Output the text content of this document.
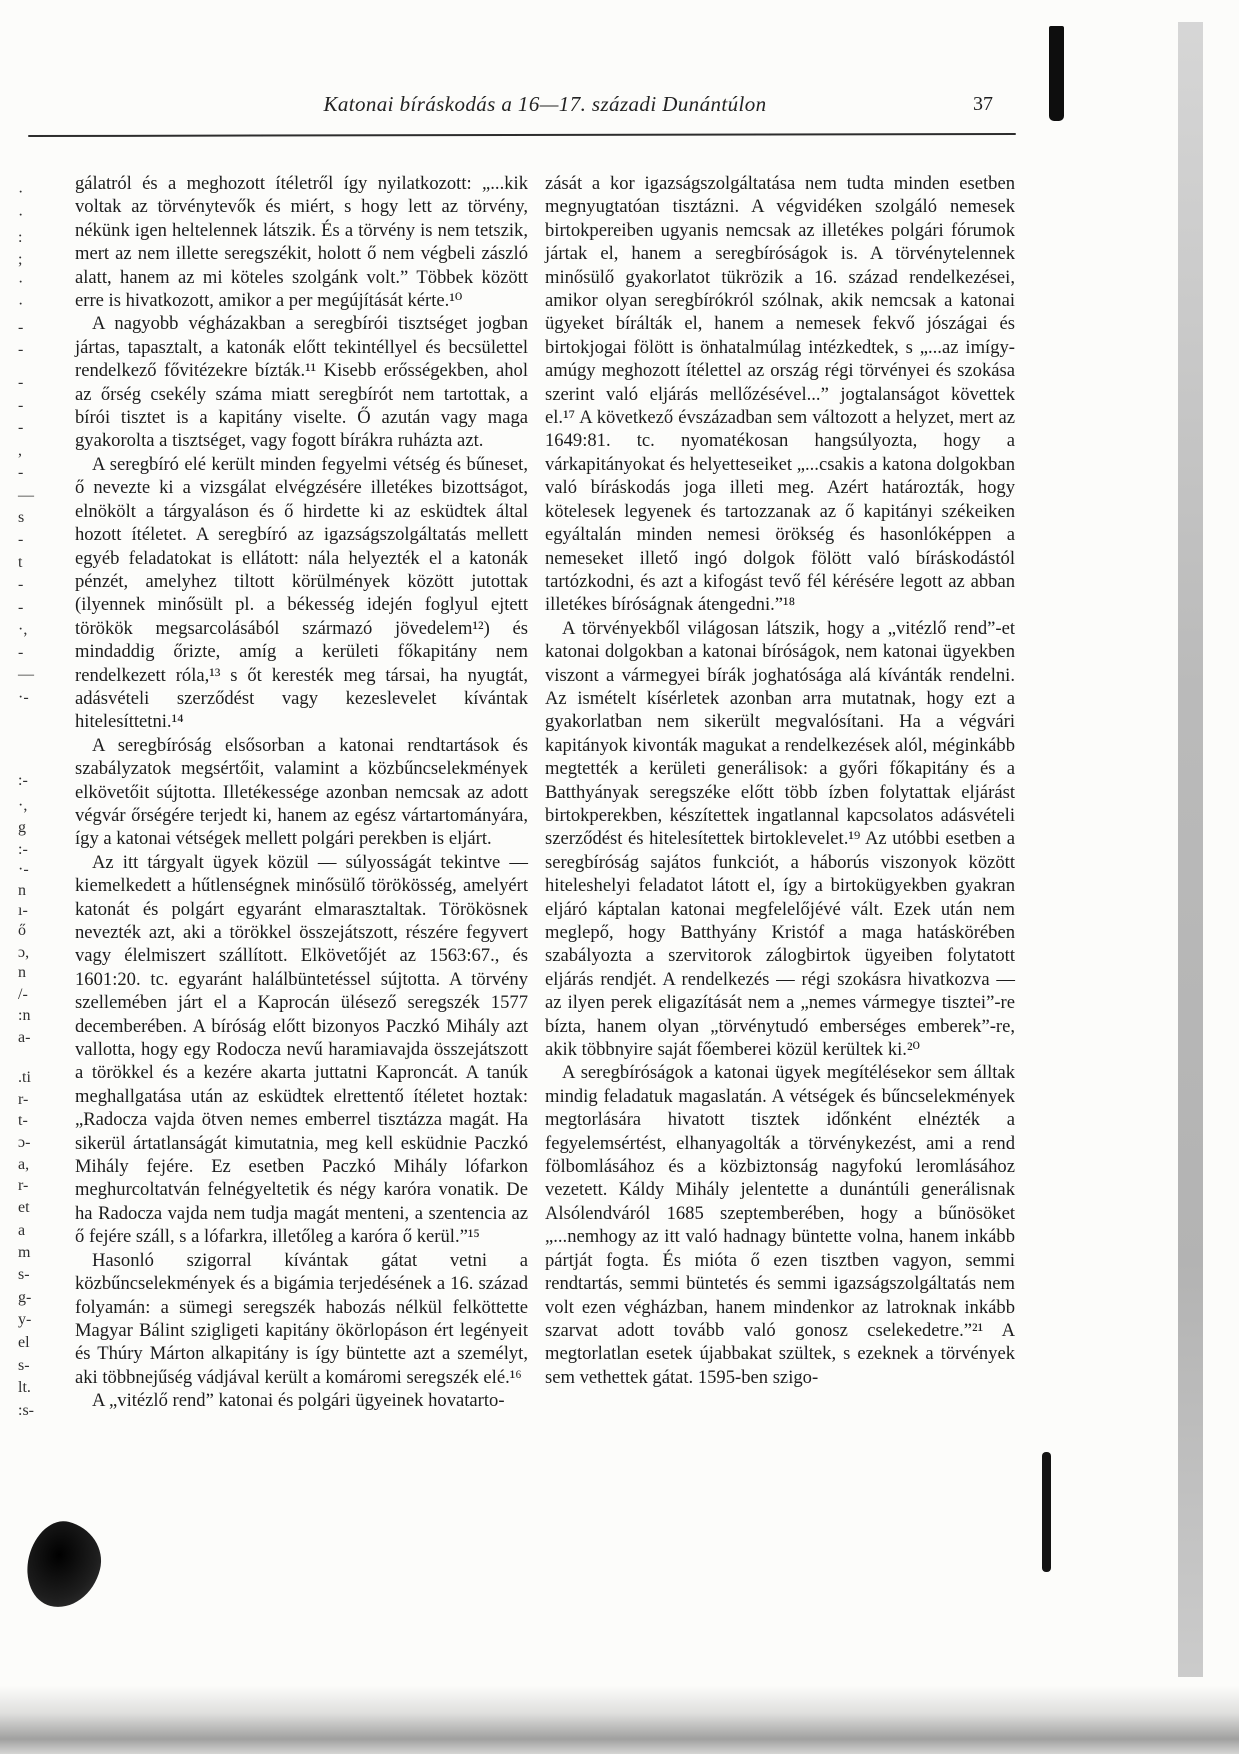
Katonai bíráskodás a 16—17. századi Dunántúlon	37

gálatról és a meghozott ítéletről így nyilatkozott: „...kik voltak az törvénytevők és miért, s hogy lett az törvény, nékünk igen heltelennek látszik. És a törvény is nem tetszik, mert az nem illette seregszékit, holott ő nem végbeli zászló alatt, hanem az mi köteles szolgánk volt.” Többek között erre is hivatkozott, amikor a per megújítását kérte.¹⁰

A nagyobb végházakban a seregbírói tisztséget jogban jártas, tapasztalt, a katonák előtt tekintéllyel és becsülettel rendelkező fővitézekre bízták.¹¹ Kisebb erősségekben, ahol az őrség csekély száma miatt seregbírót nem tartottak, a bírói tisztet is a kapitány viselte. Ő azután vagy maga gyakorolta a tisztséget, vagy fogott bírákra ruházta azt.

A seregbíró elé került minden fegyelmi vétség és bűneset, ő nevezte ki a vizsgálat elvégzésére illetékes bizottságot, elnökölt a tárgyaláson és ő hirdette ki az esküdtek által hozott ítéletet. A seregbíró az igazságszolgáltatás mellett egyéb feladatokat is ellátott: nála helyezték el a katonák pénzét, amelyhez tiltott körülmények között jutottak (ilyennek minősült pl. a békesség idején foglyul ejtett törökök megsarcolásából származó jövedelem¹²) és mindaddig őrizte, amíg a kerületi főkapitány nem rendelkezett róla,¹³ s őt keresték meg társai, ha nyugtát, adásvételi szerződést vagy kezeslevelet kívántak hitelesíttetni.¹⁴

A seregbíróság elsősorban a katonai rendtartások és szabályzatok megsértőit, valamint a közbűncselekmények elkövetőit sújtotta. Illetékessége azonban nemcsak az adott végvár őrségére terjedt ki, hanem az egész vártartományára, így a katonai vétségek mellett polgári perekben is eljárt.

Az itt tárgyalt ügyek közül — súlyosságát tekintve — kiemelkedett a hűtlenségnek minősülő törökösség, amelyért katonát és polgárt egyaránt elmarasztaltak. Törökösnek nevezték azt, aki a törökkel összejátszott, részére fegyvert vagy élelmiszert szállított. Elkövetőjét az 1563:67., és 1601:20. tc. egyaránt halálbüntetéssel sújtotta. A törvény szellemében járt el a Kaprocán ülésező seregszék 1577 decemberében. A bíróság előtt bizonyos Paczkó Mihály azt vallotta, hogy egy Rodocza nevű haramiavajda összejátszott a törökkel és a kezére akarta juttatni Kaproncát. A tanúk meghallgatása után az esküdtek elrettentő ítéletet hoztak: „Radocza vajda ötven nemes emberrel tisztázza magát. Ha sikerül ártatlanságát kimutatnia, meg kell esküdnie Paczkó Mihály fejére. Ez esetben Paczkó Mihály lófarkon meghurcoltatván felnégyeltetik és négy karóra vonatik. De ha Radocza vajda nem tudja magát menteni, a szentencia az ő fejére száll, s a lófarkra, illetőleg a karóra ő kerül.”¹⁵

Hasonló szigorral kívántak gátat vetni a közbűncselekmények és a bigámia terjedésének a 16. század folyamán: a sümegi seregszék habozás nélkül felköttette Magyar Bálint szigligeti kapitány ökörlopáson ért legényeit és Thúry Márton alkapitány is így büntette azt a személyt, aki többnejűség vádjával került a komáromi seregszék elé.¹⁶

A „vitézlő rend” katonai és polgári ügyeinek hovatarto-

zását a kor igazságszolgáltatása nem tudta minden esetben megnyugtatóan tisztázni. A végvidéken szolgáló nemesek birtokpereiben ugyanis nemcsak az illetékes polgári fórumok jártak el, hanem a seregbíróságok is. A törvénytelennek minősülő gyakorlatot tükrözik a 16. század rendelkezései, amikor olyan seregbírókról szólnak, akik nemcsak a katonai ügyeket bírálták el, hanem a nemesek fekvő jószágai és birtokjogai fölött is önhatalmúlag intézkedtek, s „...az imígy-amúgy meghozott ítélettel az ország régi törvényei és szokása szerint való eljárás mellőzésével...” jogtalanságot követtek el.¹⁷ A következő évszázadban sem változott a helyzet, mert az 1649:81. tc. nyomatékosan hangsúlyozta, hogy a várkapitányokat és helyetteseiket „...csakis a katona dolgokban való bíráskodás joga illeti meg. Azért határozták, hogy kötelesek legyenek és tartozzanak az ő kapitányi székeiken egyáltalán minden nemesi örökség és hasonlóképpen a nemeseket illető ingó dolgok fölött való bíráskodástól tartózkodni, és azt a kifogást tevő fél kérésére legott az abban illetékes bíróságnak átengedni.”¹⁸

A törvényekből világosan látszik, hogy a „vitézlő rend”-et katonai dolgokban a katonai bíróságok, nem katonai ügyekben viszont a vármegyei bírák joghatósága alá kívánták rendelni. Az ismételt kísérletek azonban arra mutatnak, hogy ezt a gyakorlatban nem sikerült megvalósítani. Ha a végvári kapitányok kivonták magukat a rendelkezések alól, méginkább megtették a kerületi generálisok: a győri főkapitány és a Batthyányak seregszéke előtt több ízben folytattak eljárást birtokperekben, készítettek ingatlannal kapcsolatos adásvételi szerződést és hitelesítettek birtoklevelet.¹⁹ Az utóbbi esetben a seregbíróság sajátos funkciót, a háborús viszonyok között hiteleshelyi feladatot látott el, így a birtokügyekben gyakran eljáró káptalan katonai megfelelőjévé vált. Ezek után nem meglepő, hogy Batthyány Kristóf a maga hatáskörében szabályozta a szervitorok zálogbirtok ügyeiben folytatott eljárás rendjét. A rendelkezés — régi szokásra hivatkozva — az ilyen perek eligazítását nem a „nemes vármegye tisztei”-re bízta, hanem olyan „törvénytudó emberséges emberek”-re, akik többnyire saját főemberei közül kerültek ki.²⁰

A seregbíróságok a katonai ügyek megítélésekor sem álltak mindig feladatuk magaslatán. A vétségek és bűncselekmények megtorlására hivatott tisztek időnként elnézték a fegyelemsértést, elhanyagolták a törvénykezést, ami a rend fölbomlásához és a közbiztonság nagyfokú leromlásához vezetett. Káldy Mihály jelentette a dunántúli generálisnak Alsólendváról 1685 szeptemberében, hogy a bűnösöket „...nemhogy az itt való hadnagy büntette volna, hanem inkább pártját fogta. És mióta ő ezen tisztben vagyon, semmi rendtartás, semmi büntetés és semmi igazságszolgáltatás nem volt ezen végházban, hanem mindenkor az latroknak inkább szarvat adott tovább való gonosz cselekedetre.”²¹ A megtorlatlan esetek újabbakat szültek, s ezeknek a törvények sem vethettek gátat. 1595-ben szigo-

·
·
:
;
·
·
-
-
-
-
-
,
-
—
s
-
t
-
-
·,
-
—
·-
:-
·,
g
:-
·-
n
ı-
ő
ɔ,
n
/-
:n
a-
.ti
r-
t-
ɔ-
a,
r-
et
a
m
s-
g-
y-
el
s-
lt.
:s-
